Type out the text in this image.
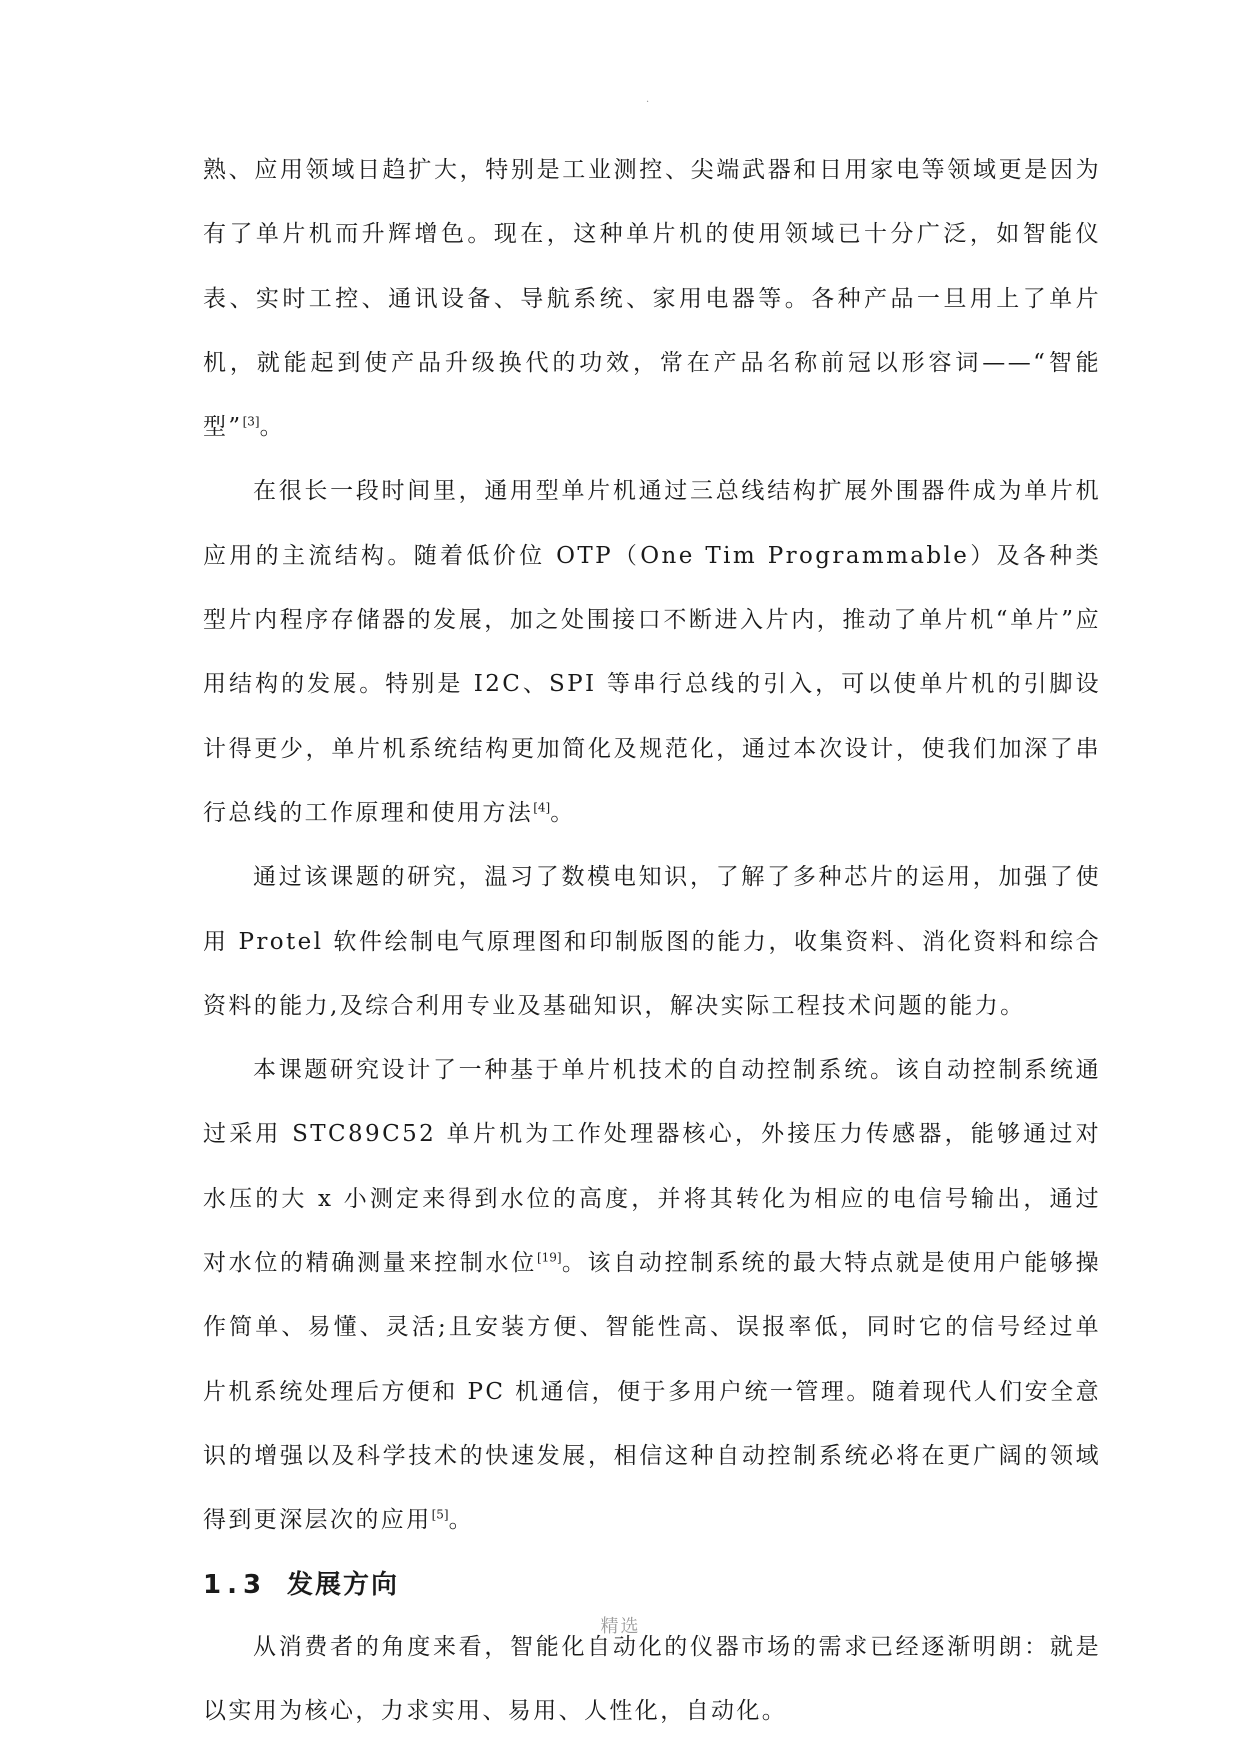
·

熟、应用领域日趋扩大，特别是工业测控、尖端武器和日用家电等领域更是因为有了单片机而升辉增色。现在，这种单片机的使用领域已十分广泛，如智能仪表、实时工控、通讯设备、导航系统、家用电器等。各种产品一旦用上了单片机，就能起到使产品升级换代的功效，常在产品名称前冠以形容词——“智能型”[3]。

在很长一段时间里，通用型单片机通过三总线结构扩展外围器件成为单片机应用的主流结构。随着低价位 OTP（One Tim Programmable）及各种类型片内程序存储器的发展，加之处围接口不断进入片内，推动了单片机“单片”应用结构的发展。特别是 I2C、SPI 等串行总线的引入，可以使单片机的引脚设计得更少，单片机系统结构更加简化及规范化，通过本次设计，使我们加深了串行总线的工作原理和使用方法[4]。

通过该课题的研究，温习了数模电知识，了解了多种芯片的运用，加强了使用 Protel 软件绘制电气原理图和印制版图的能力，收集资料、消化资料和综合资料的能力,及综合利用专业及基础知识，解决实际工程技术问题的能力。

本课题研究设计了一种基于单片机技术的自动控制系统。该自动控制系统通过采用 STC89C52 单片机为工作处理器核心，外接压力传感器，能够通过对水压的大 x 小测定来得到水位的高度，并将其转化为相应的电信号输出，通过对水位的精确测量来控制水位[19]。该自动控制系统的最大特点就是使用户能够操作简单、易懂、灵活;且安装方便、智能性高、误报率低，同时它的信号经过单片机系统处理后方便和 PC 机通信，便于多用户统一管理。随着现代人们安全意识的增强以及科学技术的快速发展，相信这种自动控制系统必将在更广阔的领域得到更深层次的应用[5]。

1.3 发展方向

从消费者的角度来看，智能化自动化的仪器市场的需求已经逐渐明朗：就是以实用为核心，力求实用、易用、人性化，自动化。

精选
